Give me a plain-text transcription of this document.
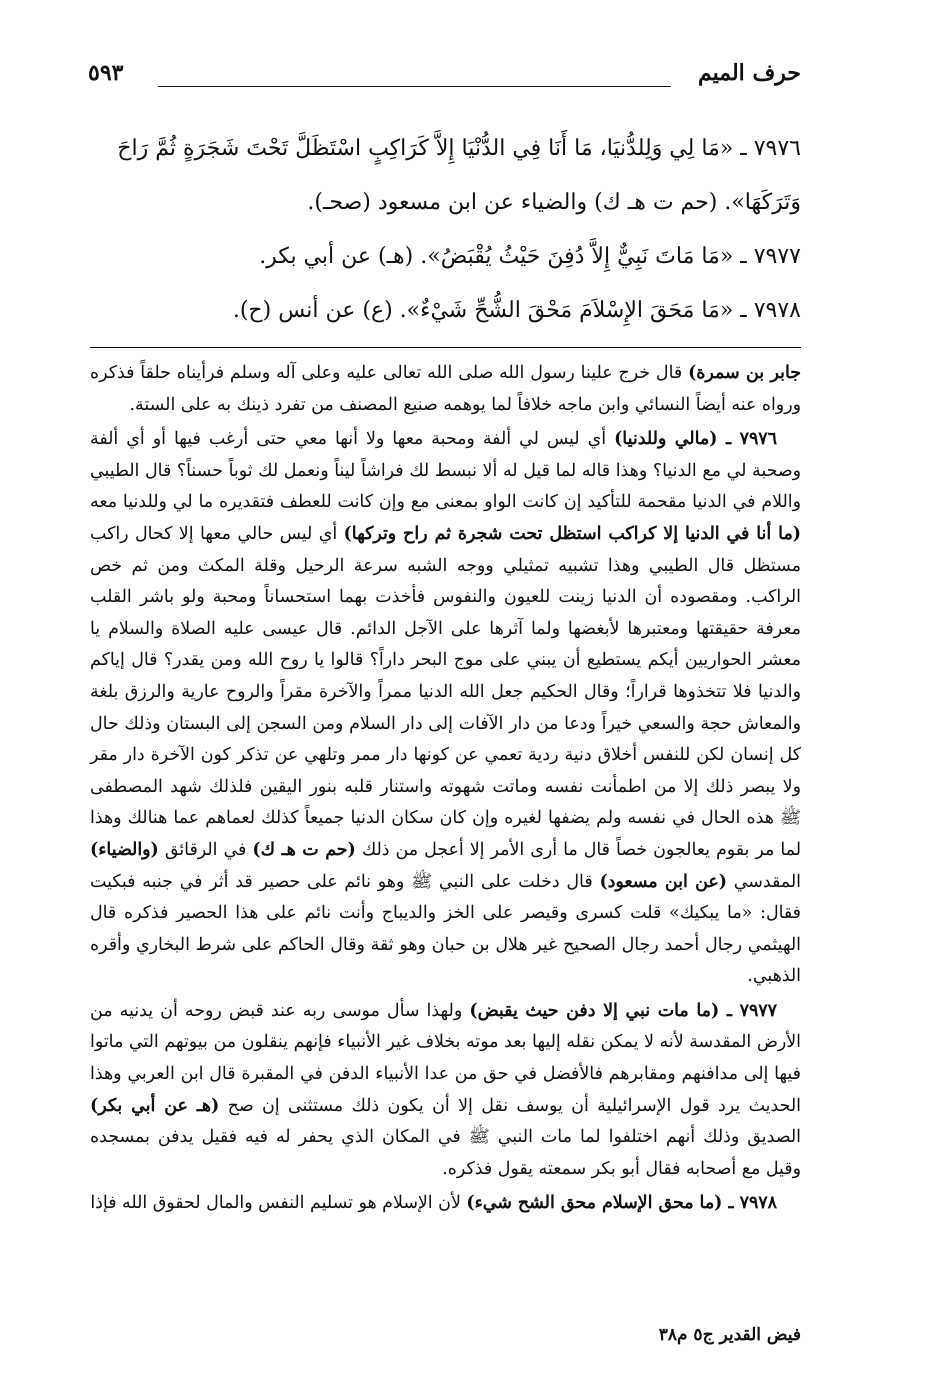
حرف الميم
٥٩٣

٧٩٧٦ ـ «مَا لِي وَلِلدُّنيَا، مَا أَنَا فِي الدُّنْيَا إِلاَّ كَرَاكِبٍ اسْتَظَلَّ تَحْتَ شَجَرَةٍ ثُمَّ رَاحَ وَتَرَكَهَا». (حم ت هـ ك) والضياء عن ابن مسعود (صحـ).

٧٩٧٧ ـ «مَا مَاتَ نَبِيٌّ إِلاَّ دُفِنَ حَيْثُ يُقْبَضُ». (هـ) عن أبي بكر.

٧٩٧٨ ـ «مَا مَحَقَ الإِسْلاَمَ مَحْقَ الشُّحِّ شَيْءٌ». (ع) عن أنس (ح).

جابر بن سمرة) قال خرج علينا رسول الله صلى الله تعالى عليه وعلى آله وسلم فرأيناه حلقاً فذكره ورواه عنه أيضاً النسائي وابن ماجه خلافاً لما يوهمه صنيع المصنف من تفرد ذينك به على الستة.

٧٩٧٦ ـ (مالي وللدنيا) أي ليس لي ألفة ومحبة معها ولا أنها معي حتى أرغب فيها أو أي ألفة وصحبة لي مع الدنيا؟ وهذا قاله لما قيل له ألا نبسط لك فراشاً ليناً ونعمل لك ثوباً حسناً؟ قال الطيبي واللام في الدنيا مقحمة للتأكيد إن كانت الواو بمعنى مع وإن كانت للعطف فتقديره ما لي وللدنيا معه (ما أنا في الدنيا إلا كراكب استظل تحت شجرة ثم راح وتركها) أي ليس حالي معها إلا كحال راكب مستظل قال الطيبي وهذا تشبيه تمثيلي ووجه الشبه سرعة الرحيل وقلة المكث ومن ثم خص الراكب. ومقصوده أن الدنيا زينت للعيون والنفوس فأخذت بهما استحساناً ومحبة ولو باشر القلب معرفة حقيقتها ومعتبرها لأبغضها ولما آثرها على الآجل الدائم. قال عيسى عليه الصلاة والسلام يا معشر الحواريين أيكم يستطيع أن يبني على موج البحر داراً؟ قالوا يا روح الله ومن يقدر؟ قال إياكم والدنيا فلا تتخذوها قراراً؛ وقال الحكيم جعل الله الدنيا ممراً والآخرة مقراً والروح عارية والرزق بلغة والمعاش حجة والسعي خيراً ودعا من دار الآفات إلى دار السلام ومن السجن إلى البستان وذلك حال كل إنسان لكن للنفس أخلاق دنية ردية تعمي عن كونها دار ممر وتلهي عن تذكر كون الآخرة دار مقر ولا يبصر ذلك إلا من اطمأنت نفسه وماتت شهوته واستنار قلبه بنور اليقين فلذلك شهد المصطفى ﷺ هذه الحال في نفسه ولم يضفها لغيره وإن كان سكان الدنيا جميعاً كذلك لعماهم عما هنالك وهذا لما مر بقوم يعالجون خصاً قال ما أرى الأمر إلا أعجل من ذلك (حم ت هـ ك) في الرقائق (والضياء) المقدسي (عن ابن مسعود) قال دخلت على النبي ﷺ وهو نائم على حصير قد أثر في جنبه فبكيت فقال: «ما يبكيك» قلت كسرى وقيصر على الخز والديباج وأنت نائم على هذا الحصير فذكره قال الهيثمي رجال أحمد رجال الصحيح غير هلال بن حبان وهو ثقة وقال الحاكم على شرط البخاري وأقره الذهبي.

٧٩٧٧ ـ (ما مات نبي إلا دفن حيث يقبض) ولهذا سأل موسى ربه عند قبض روحه أن يدنيه من الأرض المقدسة لأنه لا يمكن نقله إليها بعد موته بخلاف غير الأنبياء فإنهم ينقلون من بيوتهم التي ماتوا فيها إلى مدافنهم ومقابرهم فالأفضل في حق من عدا الأنبياء الدفن في المقبرة قال ابن العربي وهذا الحديث يرد قول الإسرائيلية أن يوسف نقل إلا أن يكون ذلك مستثنى إن صح (هـ عن أبي بكر) الصديق وذلك أنهم اختلفوا لما مات النبي ﷺ في المكان الذي يحفر له فيه فقيل يدفن بمسجده وقيل مع أصحابه فقال أبو بكر سمعته يقول فذكره.

٧٩٧٨ ـ (ما محق الإسلام محق الشح شيء) لأن الإسلام هو تسليم النفس والمال لحقوق الله فإذا

فيض القدير ج٥ م٣٨
